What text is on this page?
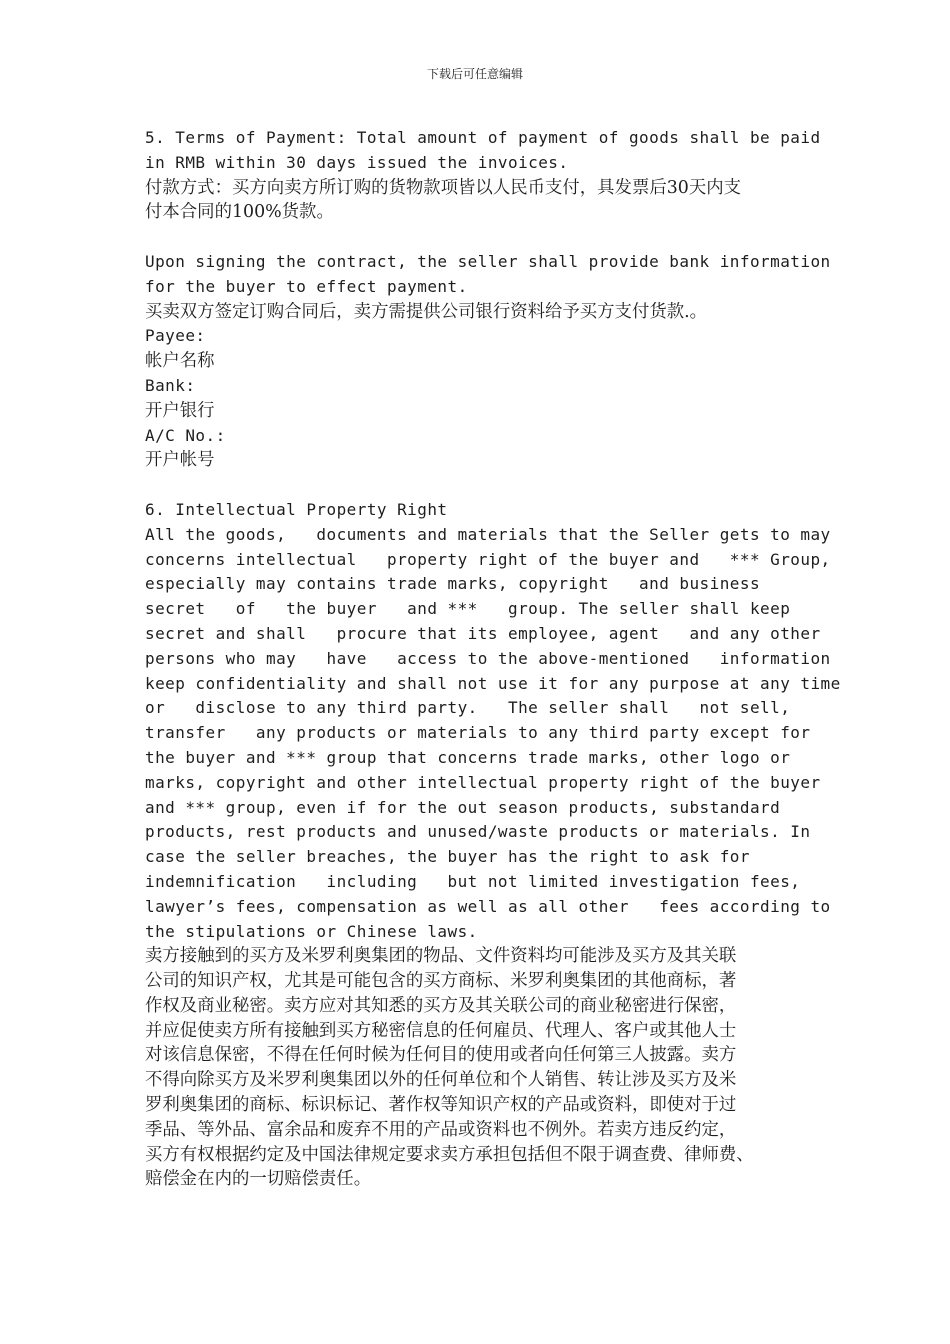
下载后可任意编辑
5. Terms of Payment: Total amount of payment of goods shall be paid
in RMB within 30 days issued the invoices.
付款方式：买方向卖方所订购的货物款项皆以人民币支付，具发票后30天内支
付本合同的100%货款。
Upon signing the contract, the seller shall provide bank information
for the buyer to effect payment.
买卖双方签定订购合同后，卖方需提供公司银行资料给予买方支付货款.。
Payee:
帐户名称
Bank:
开户银行
A/C No.:
开户帐号
6. Intellectual Property Right
All the goods,   documents and materials that the Seller gets to may
concerns intellectual   property right of the buyer and   *** Group,
especially may contains trade marks, copyright   and business
secret   of   the buyer   and ***   group. The seller shall keep
secret and shall   procure that its employee, agent   and any other
persons who may   have   access to the above-mentioned   information
keep confidentiality and shall not use it for any purpose at any time
or   disclose to any third party.   The seller shall   not sell,
transfer   any products or materials to any third party except for
the buyer and *** group that concerns trade marks, other logo or
marks, copyright and other intellectual property right of the buyer
and *** group, even if for the out season products, substandard
products, rest products and unused/waste products or materials. In
case the seller breaches, the buyer has the right to ask for
indemnification   including   but not limited investigation fees,
lawyer’s fees, compensation as well as all other   fees according to
the stipulations or Chinese laws.
卖方接触到的买方及米罗利奥集团的物品、文件资料均可能涉及买方及其关联
公司的知识产权，尤其是可能包含的买方商标、米罗利奥集团的其他商标，著
作权及商业秘密。卖方应对其知悉的买方及其关联公司的商业秘密进行保密，
并应促使卖方所有接触到买方秘密信息的任何雇员、代理人、客户或其他人士
对该信息保密，不得在任何时候为任何目的使用或者向任何第三人披露。卖方
不得向除买方及米罗利奥集团以外的任何单位和个人销售、转让涉及买方及米
罗利奥集团的商标、标识标记、著作权等知识产权的产品或资料，即使对于过
季品、等外品、富余品和废弃不用的产品或资料也不例外。若卖方违反约定，
买方有权根据约定及中国法律规定要求卖方承担包括但不限于调查费、律师费、
赔偿金在内的一切赔偿责任。
